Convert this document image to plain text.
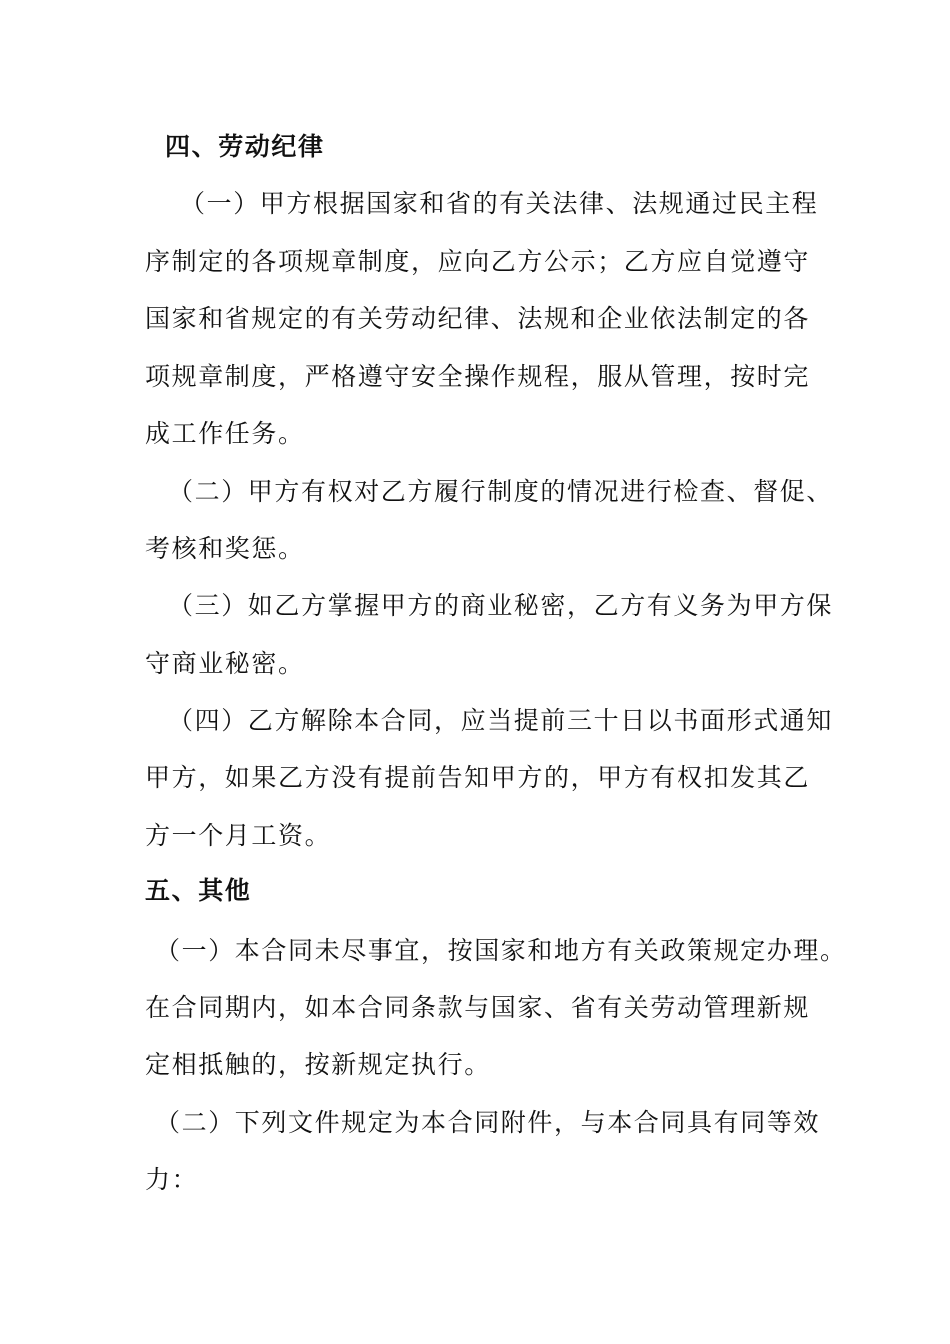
四、劳动纪律
（一）甲方根据国家和省的有关法律、法规通过民主程
序制定的各项规章制度，应向乙方公示；乙方应自觉遵守
国家和省规定的有关劳动纪律、法规和企业依法制定的各
项规章制度，严格遵守安全操作规程，服从管理，按时完
成工作任务。
（二）甲方有权对乙方履行制度的情况进行检查、督促、
考核和奖惩。
（三）如乙方掌握甲方的商业秘密，乙方有义务为甲方保
守商业秘密。
（四）乙方解除本合同，应当提前三十日以书面形式通知
甲方，如果乙方没有提前告知甲方的，甲方有权扣发其乙
方一个月工资。
五、其他
（一）本合同未尽事宜，按国家和地方有关政策规定办理。
在合同期内，如本合同条款与国家、省有关劳动管理新规
定相抵触的，按新规定执行。
（二）下列文件规定为本合同附件，与本合同具有同等效
力：
